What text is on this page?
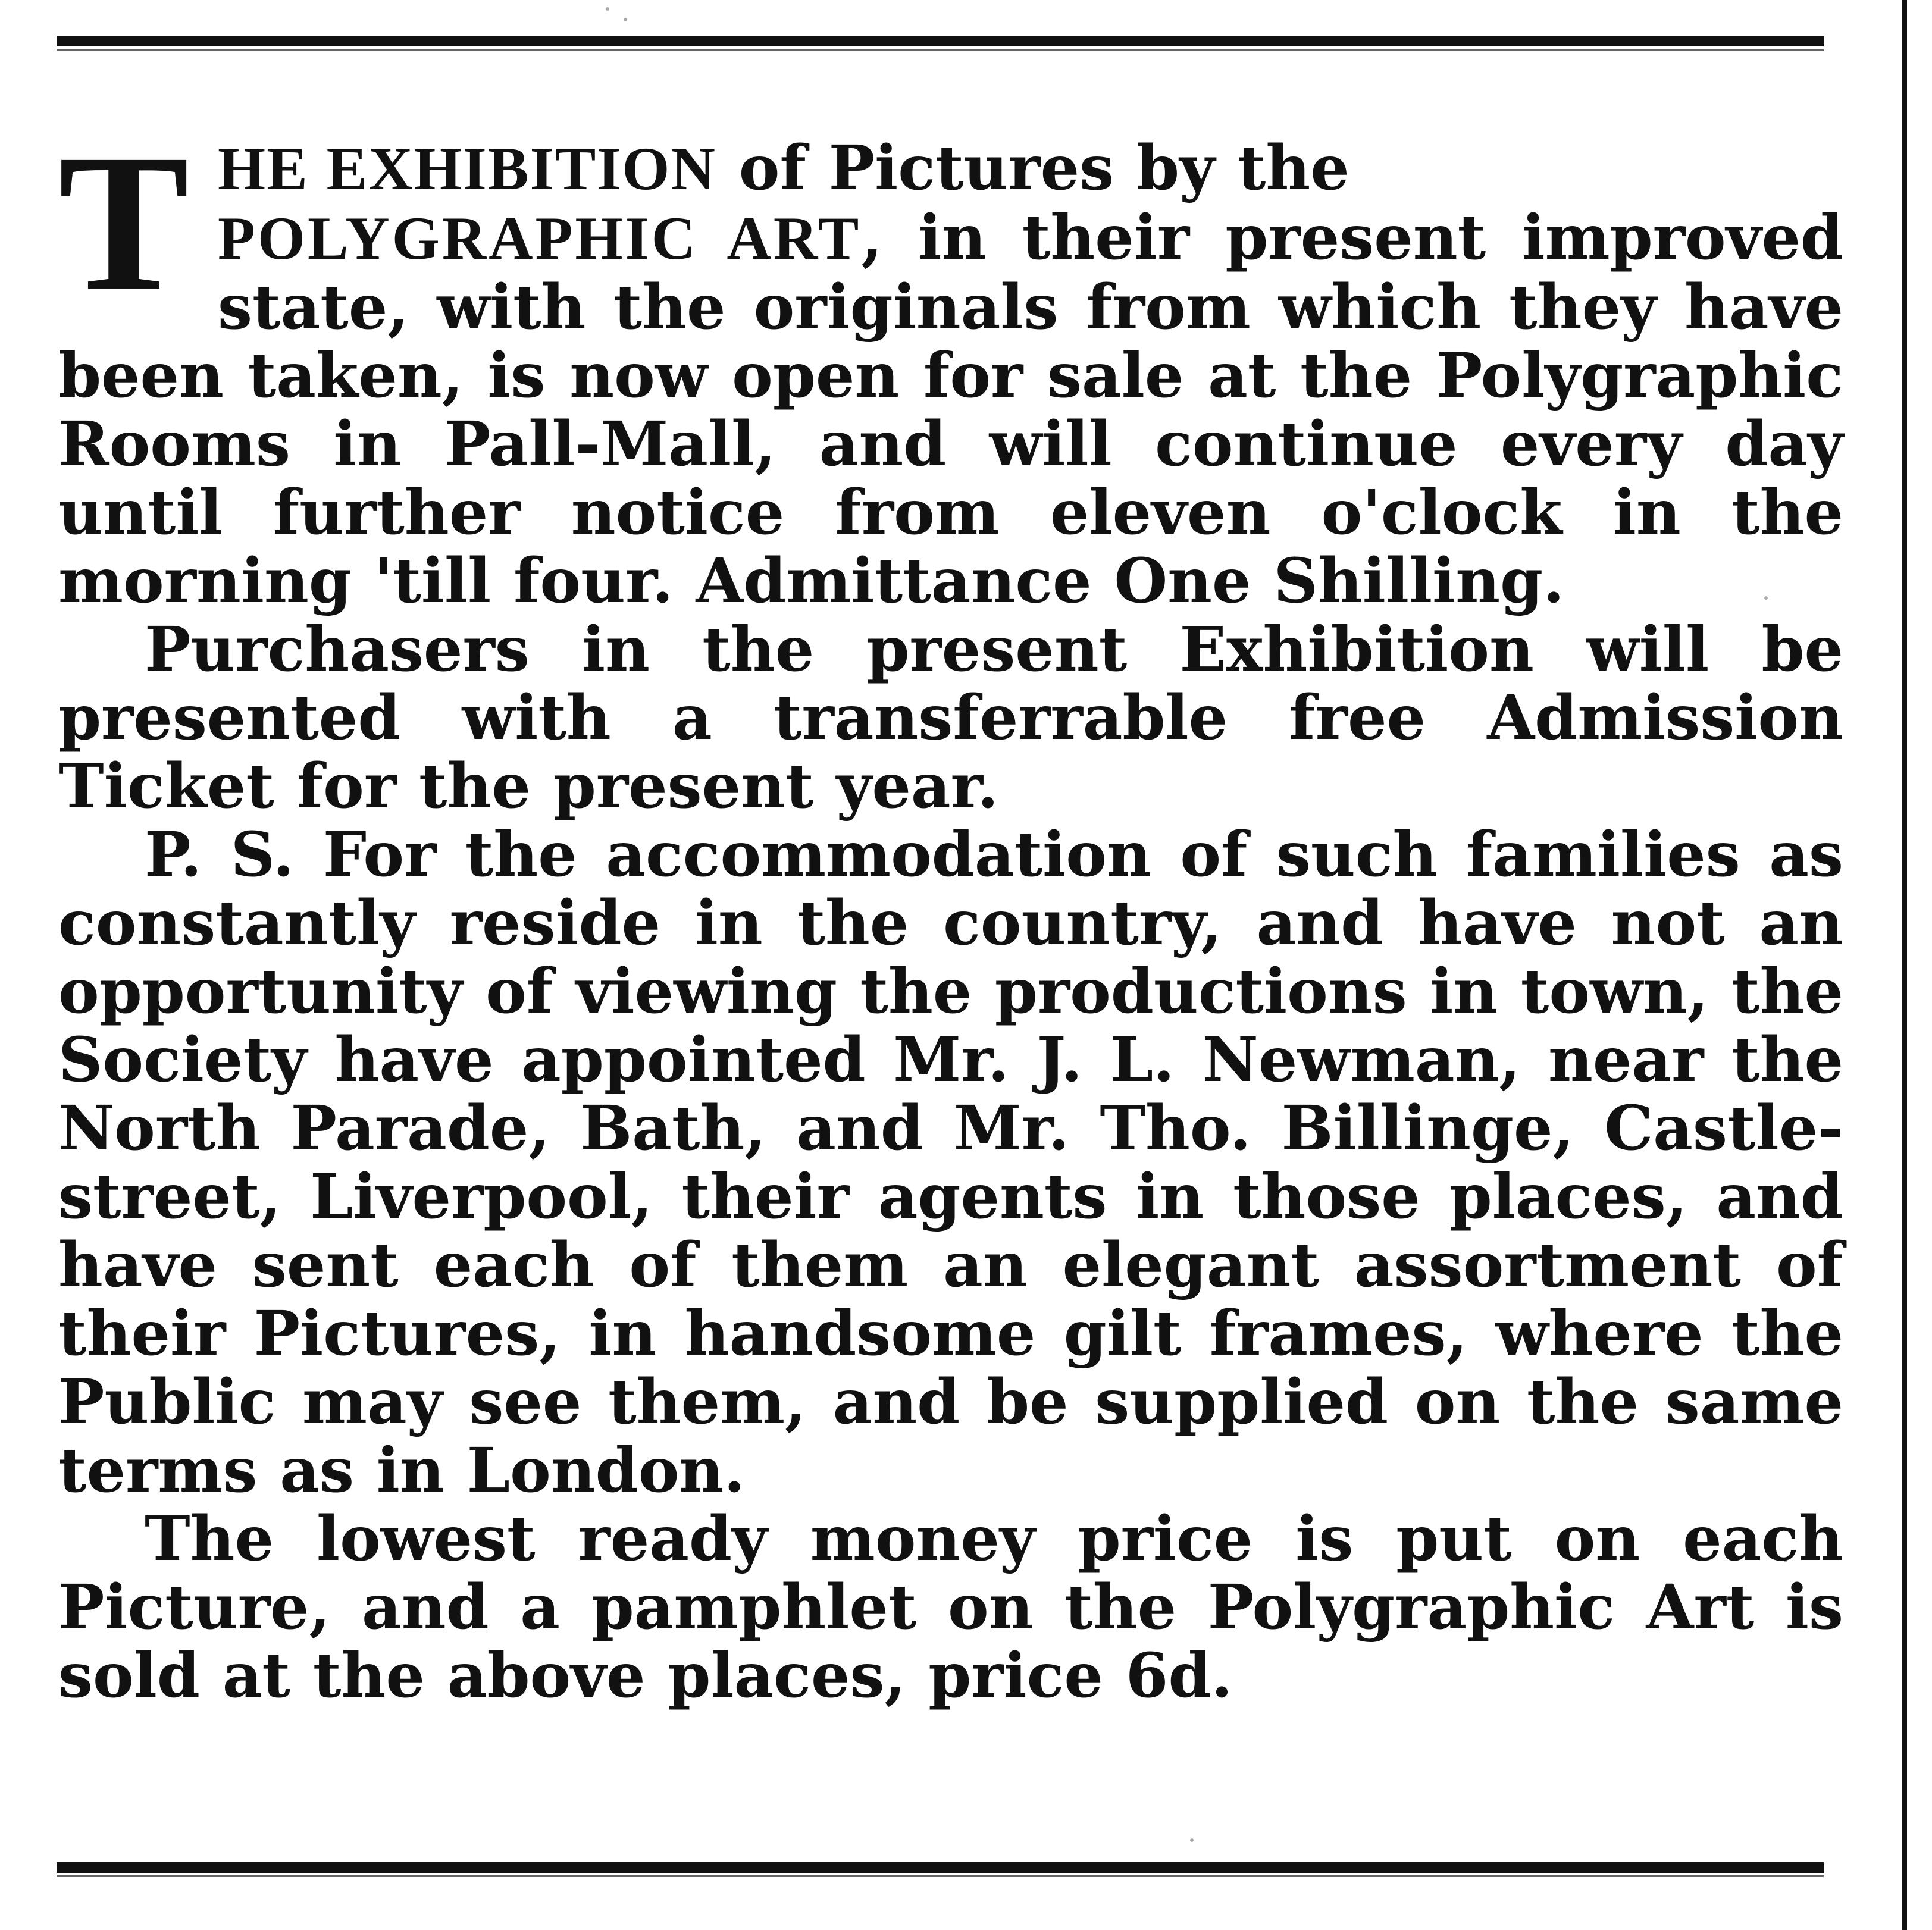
THE EXHIBITION of Pictures by the
POLYGRAPHIC ART, in their present improved state, with the originals from which they have been taken, is now open for sale at the Polygraphic Rooms in Pall-Mall, and will continue every day until further notice from eleven o'clock in the morning 'till four. Admittance One Shilling.

Purchasers in the present Exhibition will be presented with a transferrable free Admission Ticket for the present year.

P. S. For the accommodation of such families as constantly reside in the country, and have not an opportunity of viewing the productions in town, the Society have appointed Mr. J. L. Newman, near the North Parade, Bath, and Mr. Tho. Billinge, Castle-street, Liverpool, their agents in those places, and have sent each of them an elegant assortment of their Pictures, in handsome gilt frames, where the Public may see them, and be supplied on the same terms as in London.

The lowest ready money price is put on each Picture, and a pamphlet on the Polygraphic Art is sold at the above places, price 6d.
